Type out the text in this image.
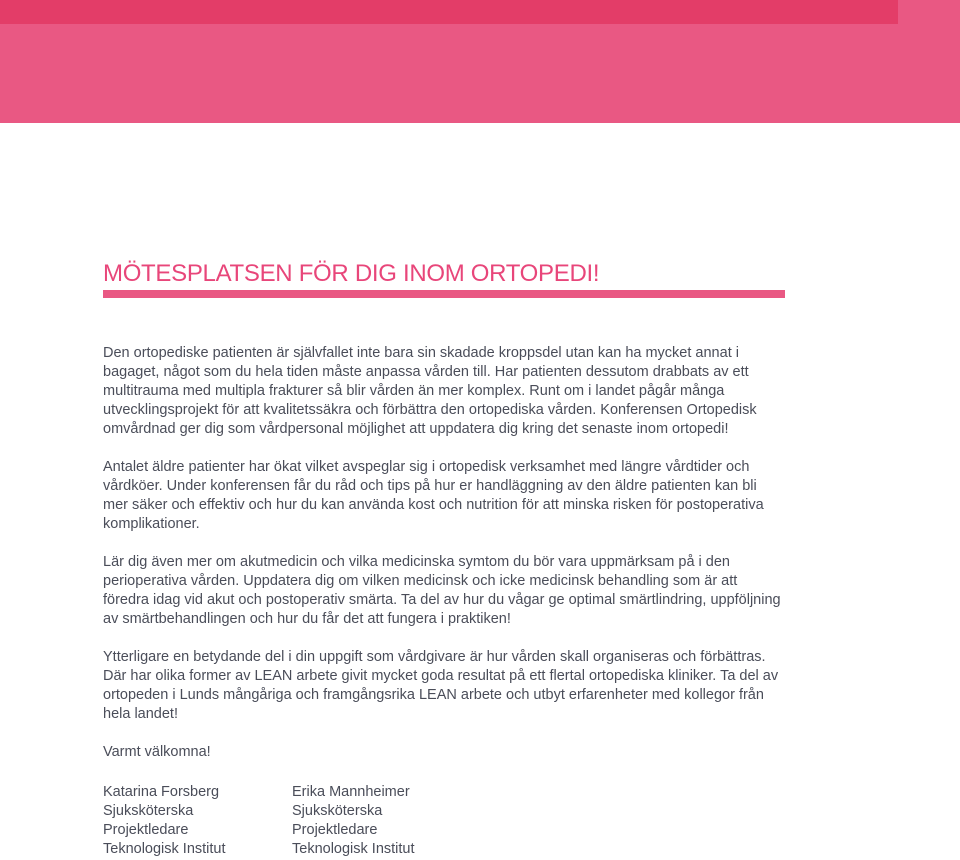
MÖTESPLATSEN FÖR DIG INOM ORTOPEDI!

Den ortopediske patienten är självfallet inte bara sin skadade kroppsdel utan kan ha mycket annat i bagaget, något som du hela tiden måste anpassa vården till. Har patienten dessutom drabbats av ett multitrauma med multipla frakturer så blir vården än mer komplex. Runt om i landet pågår många utvecklingsprojekt för att kvalitetssäkra och förbättra den ortopediska vården. Konferensen Ortopedisk omvårdnad ger dig som vårdpersonal möjlighet att uppdatera dig kring det senaste inom ortopedi!

Antalet äldre patienter har ökat vilket avspeglar sig i ortopedisk verksamhet med längre vårdtider och vårdköer. Under konferensen får du råd och tips på hur er handläggning av den äldre patienten kan bli mer säker och effektiv och hur du kan använda kost och nutrition för att minska risken för postoperativa komplikationer.

Lär dig även mer om akutmedicin och vilka medicinska symtom du bör vara uppmärksam på i den perioperativa vården. Uppdatera dig om vilken medicinsk och icke medicinsk behandling som är att föredra idag vid akut och postoperativ smärta. Ta del av hur du vågar ge optimal smärtlindring, uppföljning av smärtbehandlingen och hur du får det att fungera i praktiken!

Ytterligare en betydande del i din uppgift som vårdgivare är hur vården skall organiseras och förbättras. Där har olika former av LEAN arbete givit mycket goda resultat på ett flertal ortopediska kliniker. Ta del av ortopeden i Lunds mångåriga och framgångsrika LEAN arbete och utbyt erfarenheter med kollegor från hela landet!

Varmt välkomna!

Katarina Forsberg
Sjuksköterska
Projektledare
Teknologisk Institut
Erika Mannheimer
Sjuksköterska
Projektledare
Teknologisk Institut
